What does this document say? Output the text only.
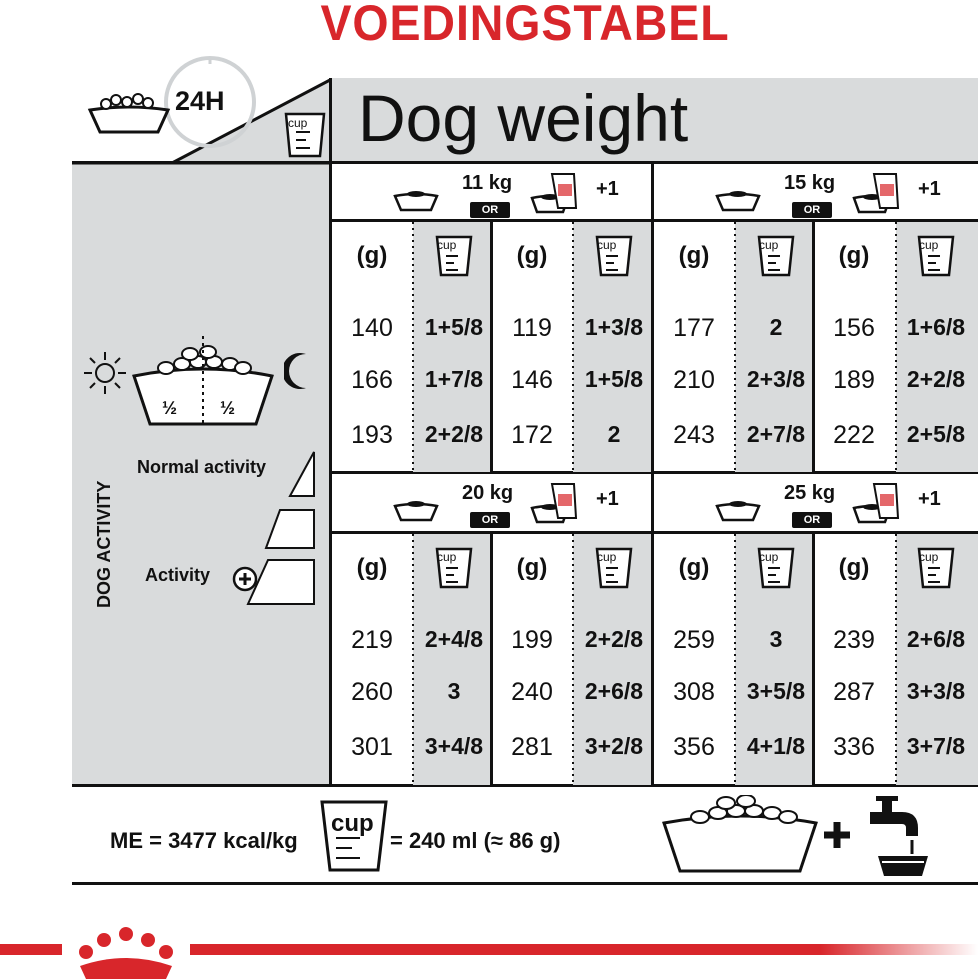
VOEDINGSTABEL
24H
cup Dog weight
11 kg
OR
+1	15 kg
OR
+1
20 kg
OR
+1	25 kg
OR
+1
(g)	cup	(g)	cup
140	1+5/8	119	1+3/8
166	1+7/8	146	1+5/8
193	2+2/8	172	2
(g)	cup	(g)	cup
177	2	156	1+6/8
210	2+3/8	189	2+2/8
243	2+7/8	222	2+5/8
(g)	cup	(g)	cup
219	2+4/8	199	2+2/8
260	3	240	2+6/8
301	3+4/8	281	3+2/8
(g)	cup	(g)	cup
259	3	239	2+6/8
308	3+5/8	287	3+3/8
356	4+1/8	336	3+7/8
½ ½
DOG ACTIVITY
Normal activity
Activity
ME = 3477 kcal/kg
cup
= 240 ml (≈ 86 g)
